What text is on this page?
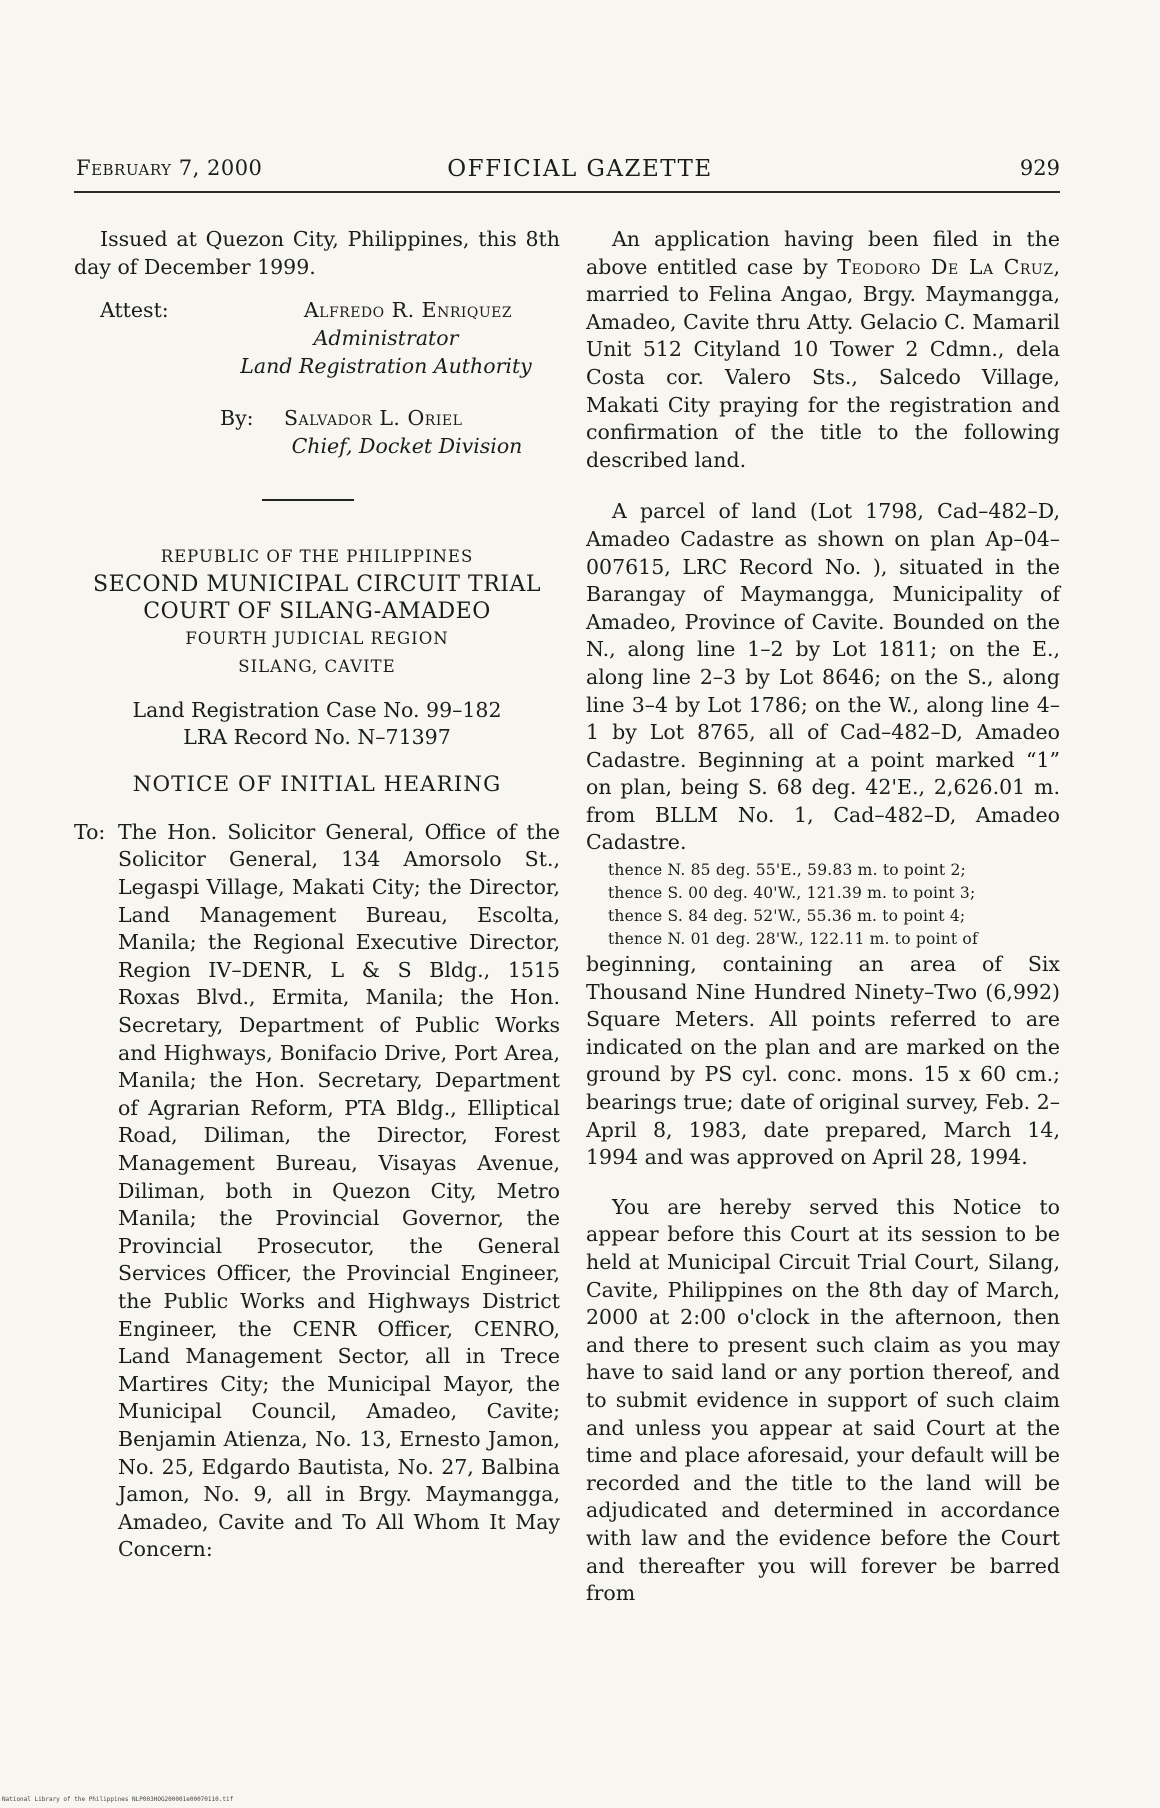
February 7, 2000	OFFICIAL GAZETTE	929

Issued at Quezon City, Philippines, this 8th day of December 1999.

Attest:	Alfredo R. Enriquez
Administrator
Land Registration Authority
By: Salvador L. Oriel
Chief, Docket Division

REPUBLIC OF THE PHILIPPINES

SECOND MUNICIPAL CIRCUIT TRIAL

COURT OF SILANG-AMADEO

FOURTH JUDICIAL REGION

SILANG, CAVITE

Land Registration Case No. 99–182

LRA Record No. N–71397

NOTICE OF INITIAL HEARING

To: The Hon. Solicitor General, Office of the Solicitor General, 134 Amorsolo St., Legaspi Village, Makati City; the Director, Land Management Bureau, Escolta, Manila; the Regional Executive Director, Region IV–DENR, L & S Bldg., 1515 Roxas Blvd., Ermita, Manila; the Hon. Secretary, Department of Public Works and Highways, Bonifacio Drive, Port Area, Manila; the Hon. Secretary, Department of Agrarian Reform, PTA Bldg., Elliptical Road, Diliman, the Director, Forest Management Bureau, Visayas Avenue, Diliman, both in Quezon City, Metro Manila; the Provincial Governor, the Provincial Prosecutor, the General Services Officer, the Provincial Engineer, the Public Works and Highways District Engineer, the CENR Officer, CENRO, Land Management Sector, all in Trece Martires City; the Municipal Mayor, the Municipal Council, Amadeo, Cavite; Benjamin Atienza, No. 13, Ernesto Jamon, No. 25, Edgardo Bautista, No. 27, Balbina Jamon, No. 9, all in Brgy. Maymangga, Amadeo, Cavite and To All Whom It May Concern:

An application having been filed in the above entitled case by Teodoro De La Cruz, married to Felina Angao, Brgy. Maymangga, Amadeo, Cavite thru Atty. Gelacio C. Mamaril Unit 512 Cityland 10 Tower 2 Cdmn., dela Costa cor. Valero Sts., Salcedo Village, Makati City praying for the registration and confirmation of the title to the following described land.

A parcel of land (Lot 1798, Cad–482–D, Amadeo Cadastre as shown on plan Ap–04–007615, LRC Record No. ), situated in the Barangay of Maymangga, Municipality of Amadeo, Province of Cavite. Bounded on the N., along line 1–2 by Lot 1811; on the E., along line 2–3 by Lot 8646; on the S., along line 3–4 by Lot 1786; on the W., along line 4–1 by Lot 8765, all of Cad–482–D, Amadeo Cadastre. Beginning at a point marked “1” on plan, being S. 68 deg. 42'E., 2,626.01 m. from BLLM No. 1, Cad–482–D, Amadeo Cadastre.

thence N. 85 deg. 55'E., 59.83 m. to point 2;
thence S. 00 deg. 40'W., 121.39 m. to point 3;
thence S. 84 deg. 52'W., 55.36 m. to point 4;
thence N. 01 deg. 28'W., 122.11 m. to point of

beginning, containing an area of Six Thousand Nine Hundred Ninety–Two (6,992) Square Meters. All points referred to are indicated on the plan and are marked on the ground by PS cyl. conc. mons. 15 x 60 cm.; bearings true; date of original survey, Feb. 2–April 8, 1983, date prepared, March 14, 1994 and was approved on April 28, 1994.

You are hereby served this Notice to appear before this Court at its session to be held at Municipal Circuit Trial Court, Silang, Cavite, Philippines on the 8th day of March, 2000 at 2:00 o'clock in the afternoon, then and there to present such claim as you may have to said land or any portion thereof, and to submit evidence in support of such claim and unless you appear at said Court at the time and place aforesaid, your default will be recorded and the title to the land will be adjudicated and determined in accordance with law and the evidence before the Court and thereafter you will forever be barred from

National Library of the Philippines NLP003HOG200001e00070110.tif
